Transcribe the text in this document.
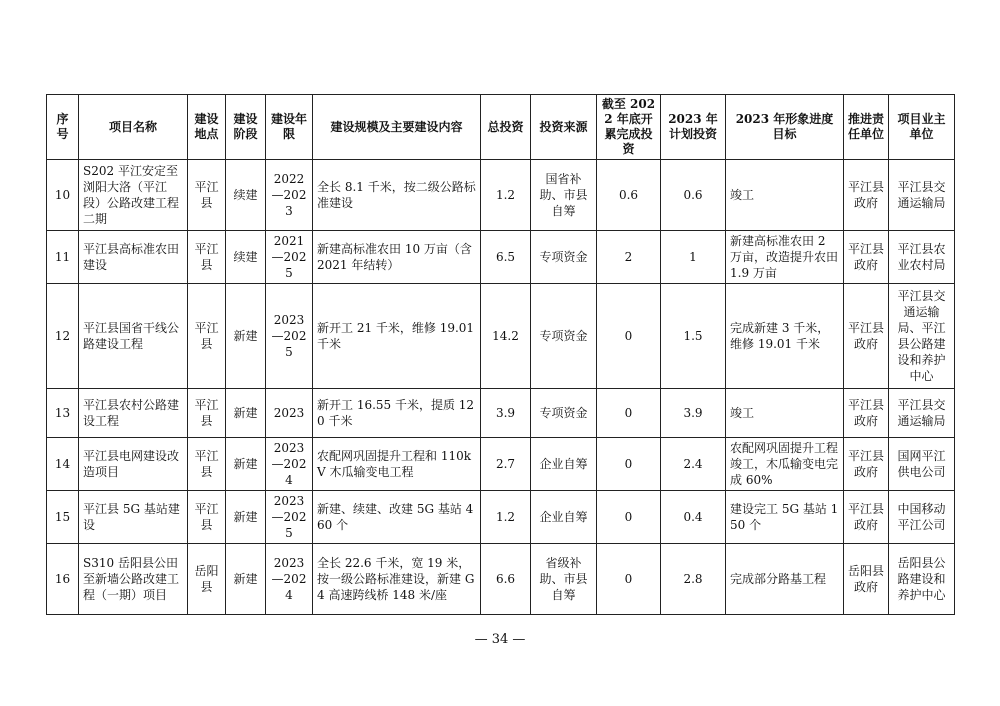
序号	项目名称	建设地点	建设阶段	建设年限	建设规模及主要建设内容	总投资	投资来源	截至 2022 年底开累完成投资	2023 年计划投资	2023 年形象进度目标	推进责任单位	项目业主单位
10	S202 平江安定至浏阳大洛（平江段）公路改建工程二期	平江县	续建	2022—2023	全长 8.1 千米，按二级公路标准建设	1.2	国省补助、市县自筹	0.6	0.6	竣工	平江县政府	平江县交通运输局
11	平江县高标准农田建设	平江县	续建	2021—2025	新建高标准农田 10 万亩（含 2021 年结转）	6.5	专项资金	2	1	新建高标准农田 2 万亩，改造提升农田 1.9 万亩	平江县政府	平江县农业农村局
12	平江县国省干线公路建设工程	平江县	新建	2023—2025	新开工 21 千米，维修 19.01 千米	14.2	专项资金	0	1.5	完成新建 3 千米，维修 19.01 千米	平江县政府	平江县交通运输局、平江县公路建设和养护中心
13	平江县农村公路建设工程	平江县	新建	2023	新开工 16.55 千米，提质 120 千米	3.9	专项资金	0	3.9	竣工	平江县政府	平江县交通运输局
14	平江县电网建设改造项目	平江县	新建	2023—2024	农配网巩固提升工程和 110kV 木瓜输变电工程	2.7	企业自筹	0	2.4	农配网巩固提升工程竣工，木瓜输变电完成 60%	平江县政府	国网平江供电公司
15	平江县 5G 基站建设	平江县	新建	2023—2025	新建、续建、改建 5G 基站 460 个	1.2	企业自筹	0	0.4	建设完工 5G 基站 150 个	平江县政府	中国移动平江公司
16	S310 岳阳县公田至新墙公路改建工程（一期）项目	岳阳县	新建	2023—2024	全长 22.6 千米，宽 19 米，按一级公路标准建设，新建 G4 高速跨线桥 148 米/座	6.6	省级补助、市县自筹	0	2.8	完成部分路基工程	岳阳县政府	岳阳县公路建设和养护中心
— 34 —
